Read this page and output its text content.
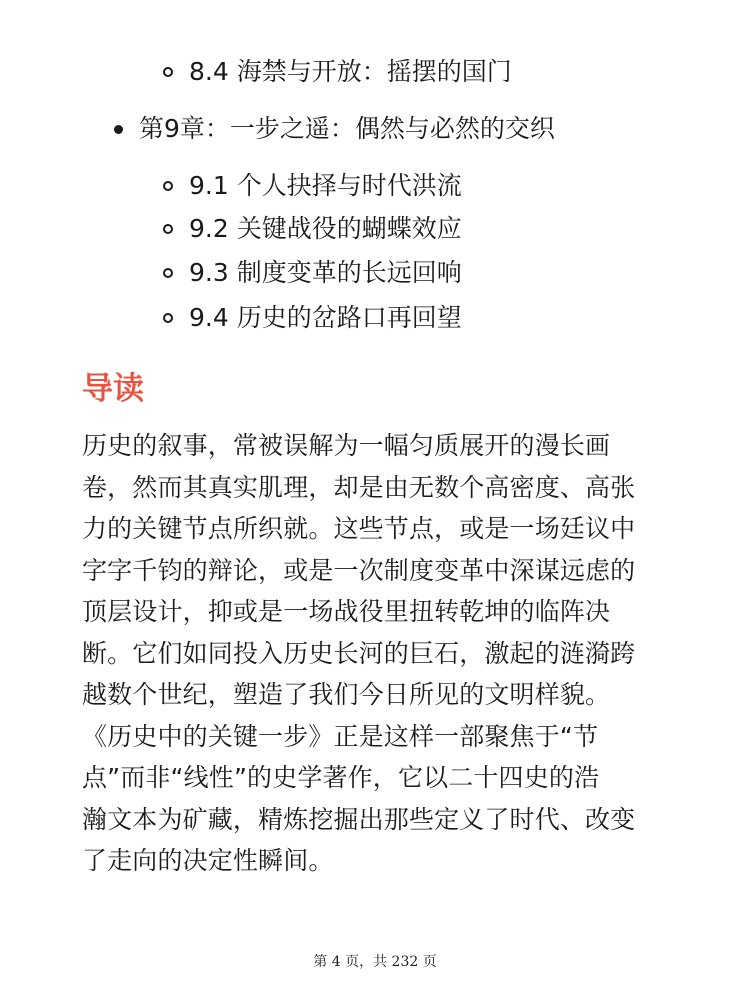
8.4 海禁与开放：摇摆的国门
第9章：一步之遥：偶然与必然的交织
9.1 个人抉择与时代洪流
9.2 关键战役的蝴蝶效应
9.3 制度变革的长远回响
9.4 历史的岔路口再回望
导读

历史的叙事，常被误解为一幅匀质展开的漫长画
卷，然而其真实肌理，却是由无数个高密度、高张
力的关键节点所织就。这些节点，或是一场廷议中
字字千钧的辩论，或是一次制度变革中深谋远虑的
顶层设计，抑或是一场战役里扭转乾坤的临阵决
断。它们如同投入历史长河的巨石，激起的涟漪跨
越数个世纪，塑造了我们今日所见的文明样貌。
《历史中的关键一步》正是这样一部聚焦于“节
点”而非“线性”的史学著作，它以二十四史的浩
瀚文本为矿藏，精炼挖掘出那些定义了时代、改变
了走向的决定性瞬间。

第 4 页，共 232 页
